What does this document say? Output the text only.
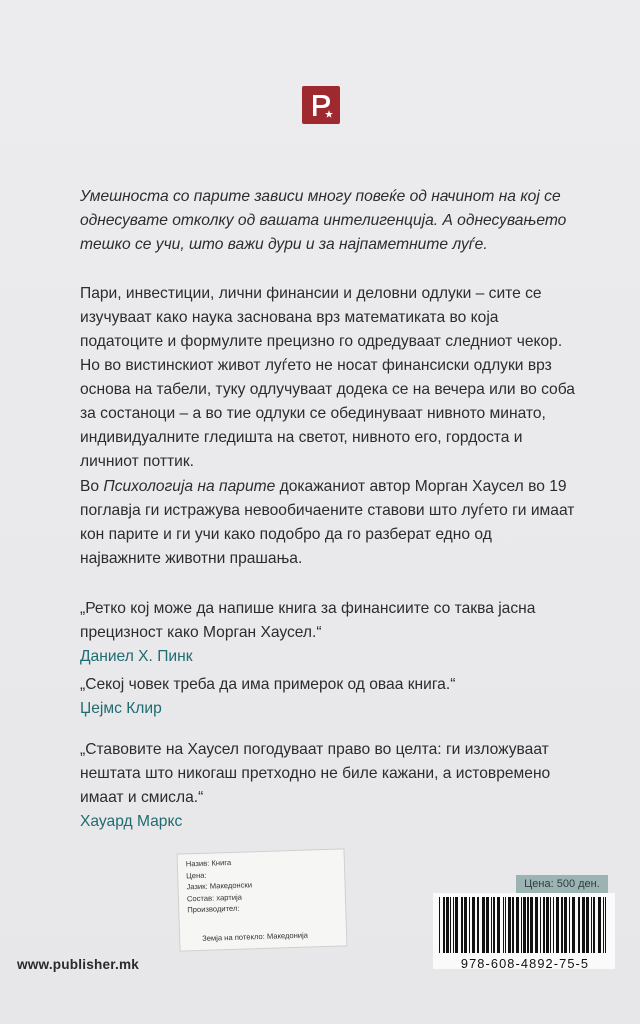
Умешноста со парите зависи многу повеќе од начинот на кој се
однесувате отколку од вашата интелигенција. А однесувањето
тешко се учи, што важи дури и за најпаметните луѓе.
Пари, инвестиции, лични финансии и деловни одлуки – сите се
изучуваат како наука заснована врз математиката во која
податоците и формулите прецизно го одредуваат следниот чекор.
Но во вистинскиот живот луѓето не носат финансиски одлуки врз
основа на табели, туку одлучуваат додека се на вечера или во соба
за состаноци – а во тие одлуки се обединуваат нивното минато,
индивидуалните гледишта на светот, нивното его, гордоста и
личниот поттик.
Во Психологија на парите докажаниот автор Морган Хаусел во 19
поглавја ги истражува невообичаените ставови што луѓето ги имаат
кон парите и ги учи како подобро да го разберат едно од
најважните животни прашања.
„Ретко кој може да напише книга за финансиите со таква јасна
прецизност како Морган Хаусел.“
Даниел Х. Пинк
„Секој човек треба да има примерок од оваа книга.“
Џејмс Клир
„Ставовите на Хаусел погодуваат право во целта: ги изложуваат
нештата што никогаш претходно не биле кажани, а истовремено
имаат и смисла.“
Хауард Маркс
Назив: Книга
Цена:
Јазик: Македонски
Состав: хартија
Производител:
Земја на потекло: Македонија
Цена: 500 ден.
978-608-4892-75-5
www.publisher.mk
